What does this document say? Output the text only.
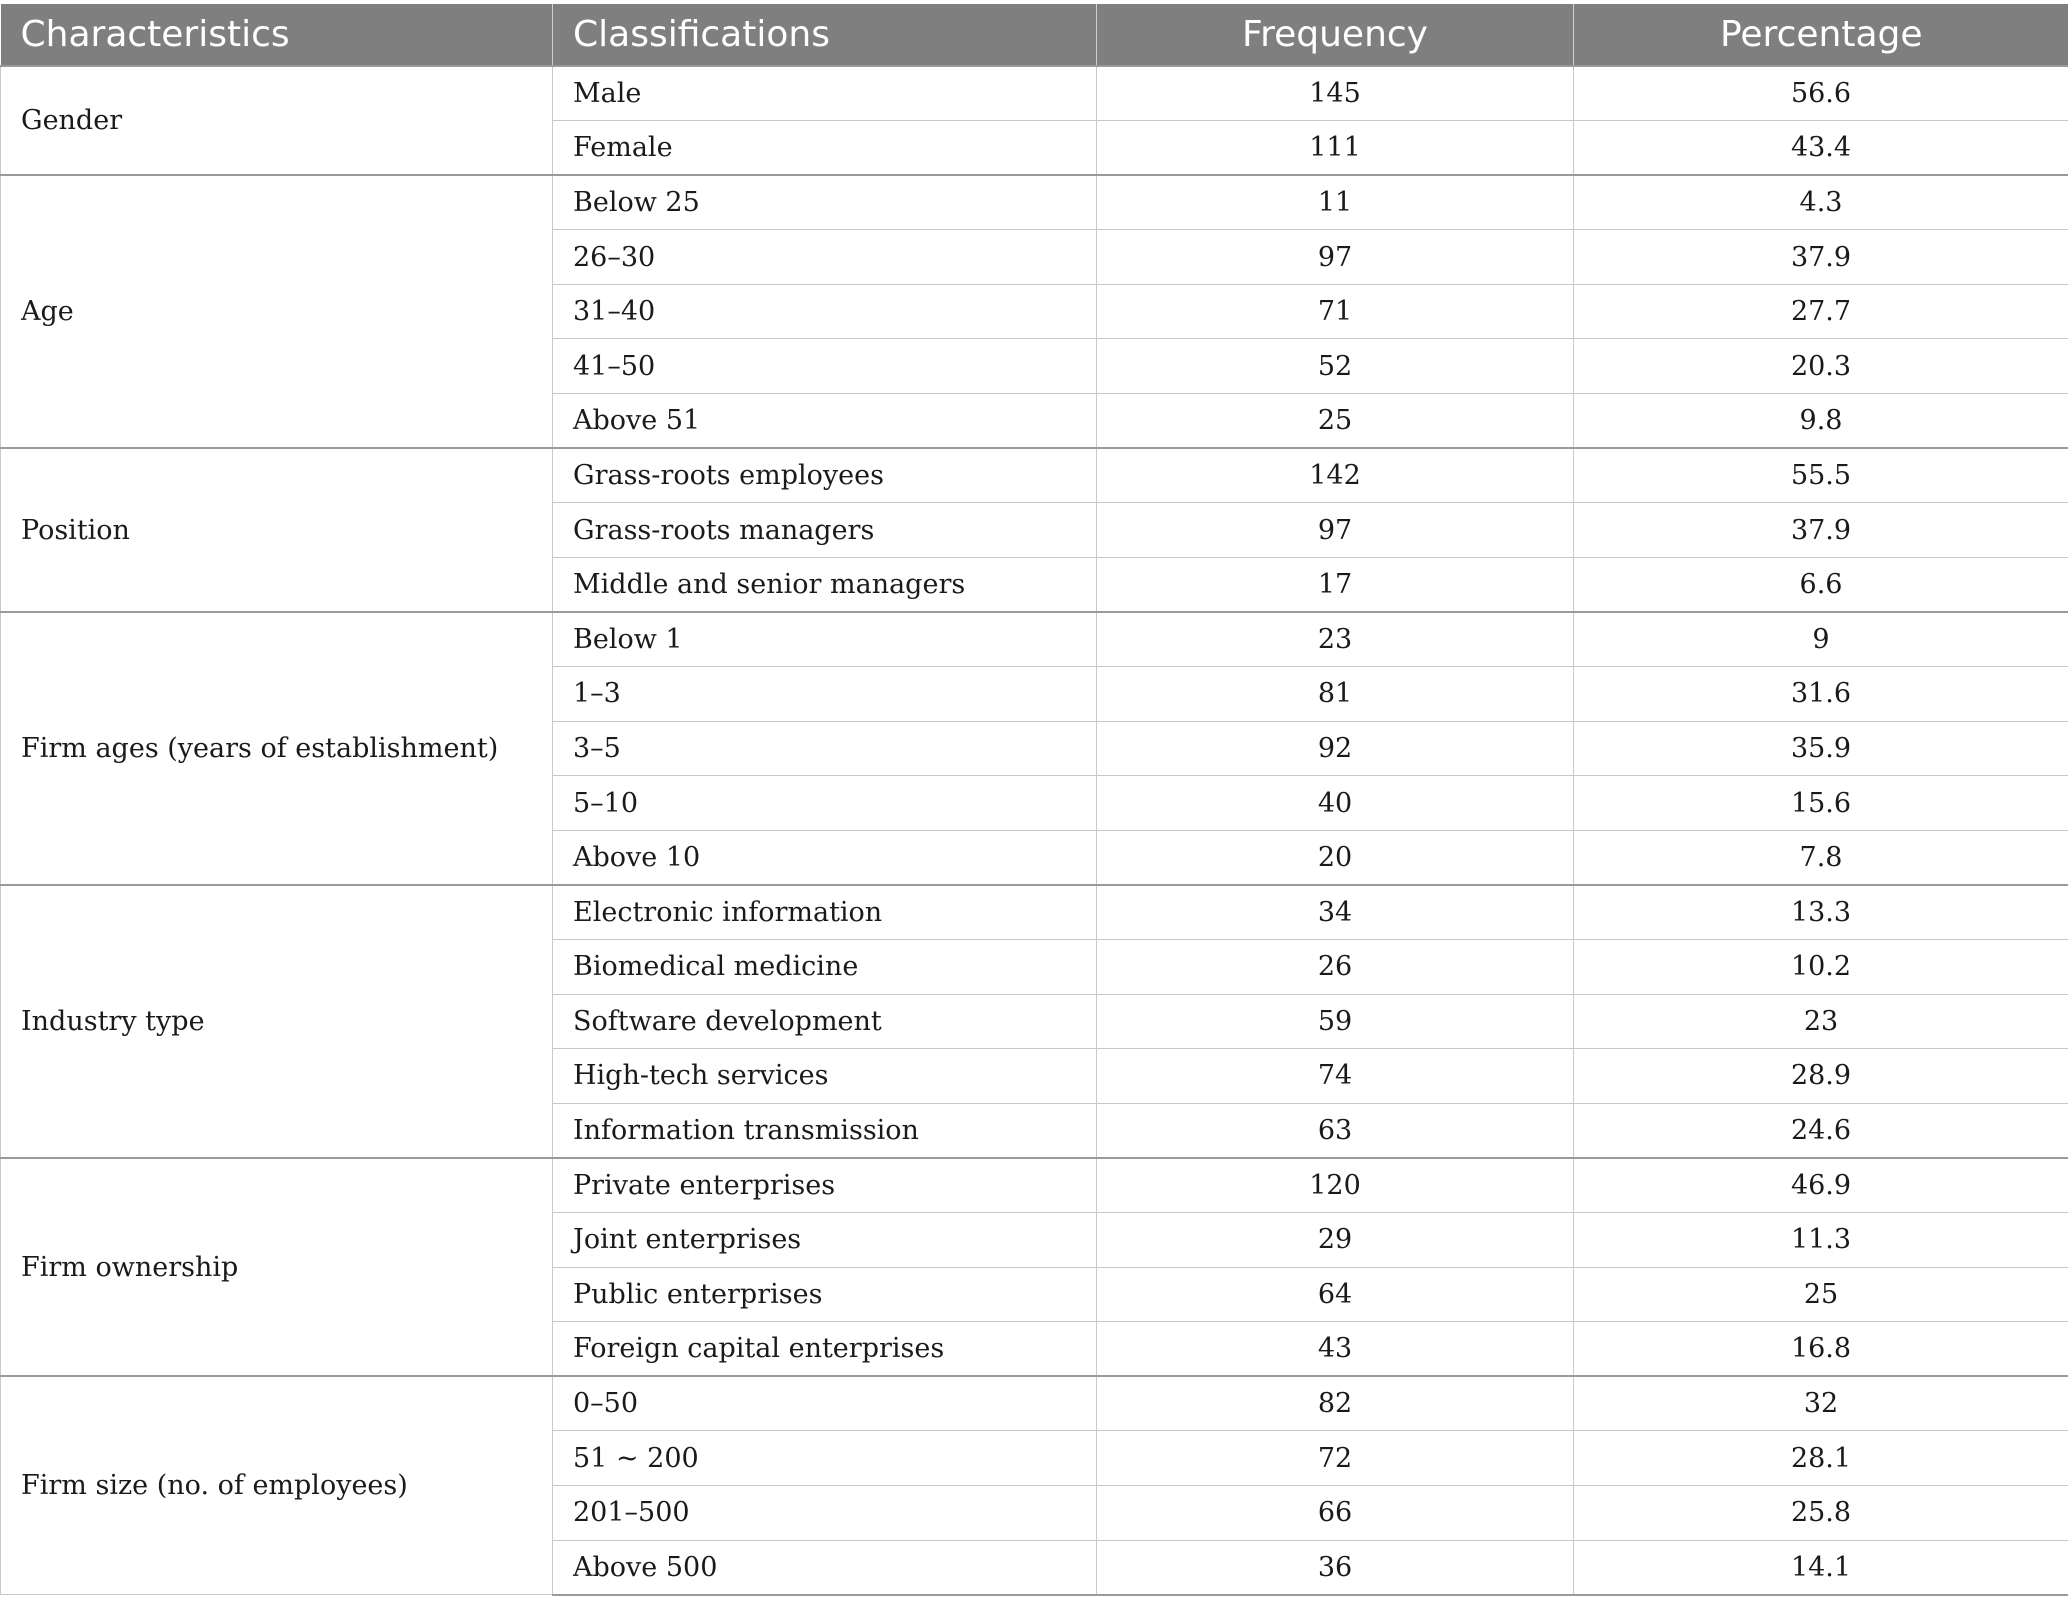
Characteristics	Classifications	Frequency	Percentage
Gender	Male	145	56.6
	Female	111	43.4
Age	Below 25	11	4.3
	26–30	97	37.9
	31–40	71	27.7
	41–50	52	20.3
	Above 51	25	9.8
Position	Grass-roots employees	142	55.5
	Grass-roots managers	97	37.9
	Middle and senior managers	17	6.6
Firm ages (years of establishment)	Below 1	23	9
	1–3	81	31.6
	3–5	92	35.9
	5–10	40	15.6
	Above 10	20	7.8
Industry type	Electronic information	34	13.3
	Biomedical medicine	26	10.2
	Software development	59	23
	High-tech services	74	28.9
	Information transmission	63	24.6
Firm ownership	Private enterprises	120	46.9
	Joint enterprises	29	11.3
	Public enterprises	64	25
	Foreign capital enterprises	43	16.8
Firm size (no. of employees)	0–50	82	32
	51 ~ 200	72	28.1
	201–500	66	25.8
	Above 500	36	14.1
